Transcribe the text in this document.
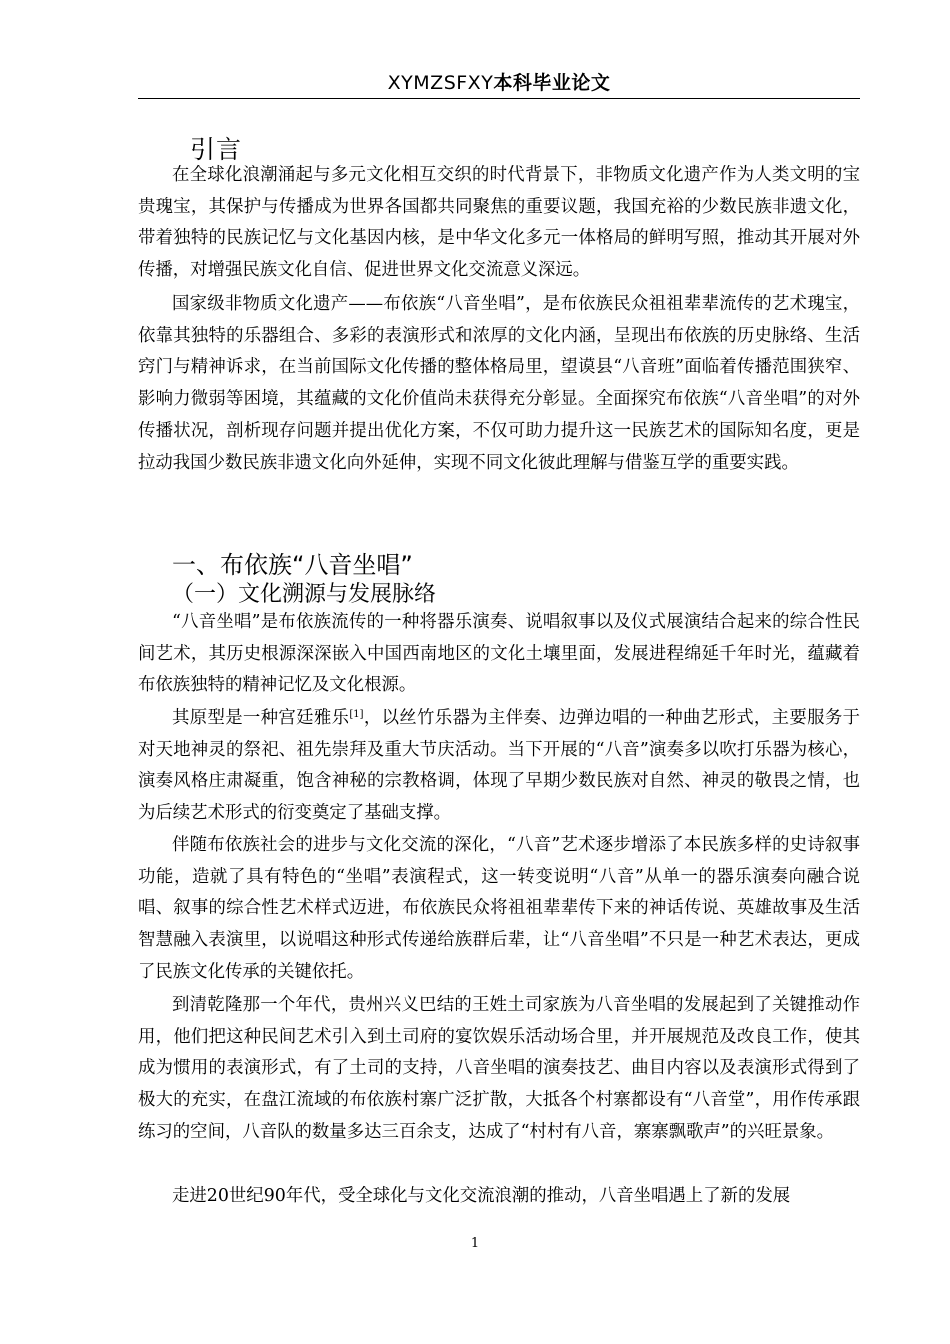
XYMZSFXY本科毕业论文
引言

在全球化浪潮涌起与多元文化相互交织的时代背景下，非物质文化遗产作为人类文明的宝贵瑰宝，其保护与传播成为世界各国都共同聚焦的重要议题，我国充裕的少数民族非遗文化，带着独特的民族记忆与文化基因内核，是中华文化多元一体格局的鲜明写照，推动其开展对外传播，对增强民族文化自信、促进世界文化交流意义深远。

国家级非物质文化遗产——布依族“八音坐唱”，是布依族民众祖祖辈辈流传的艺术瑰宝，依靠其独特的乐器组合、多彩的表演形式和浓厚的文化内涵，呈现出布依族的历史脉络、生活窍门与精神诉求，在当前国际文化传播的整体格局里，望谟县“八音班”面临着传播范围狭窄、影响力微弱等困境，其蕴藏的文化价值尚未获得充分彰显。全面探究布依族“八音坐唱”的对外传播状况，剖析现存问题并提出优化方案，不仅可助力提升这一民族艺术的国际知名度，更是拉动我国少数民族非遗文化向外延伸，实现不同文化彼此理解与借鉴互学的重要实践。

一、布依族“八音坐唱”
（一）文化溯源与发展脉络

“八音坐唱”是布依族流传的一种将器乐演奏、说唱叙事以及仪式展演结合起来的综合性民间艺术，其历史根源深深嵌入中国西南地区的文化土壤里面，发展进程绵延千年时光，蕴藏着布依族独特的精神记忆及文化根源。

其原型是一种宫廷雅乐[1]，以丝竹乐器为主伴奏、边弹边唱的一种曲艺形式，主要服务于对天地神灵的祭祀、祖先崇拜及重大节庆活动。当下开展的“八音”演奏多以吹打乐器为核心，演奏风格庄肃凝重，饱含神秘的宗教格调，体现了早期少数民族对自然、神灵的敬畏之情，也为后续艺术形式的衍变奠定了基础支撑。

伴随布依族社会的进步与文化交流的深化，“八音”艺术逐步增添了本民族多样的史诗叙事功能，造就了具有特色的“坐唱”表演程式，这一转变说明“八音”从单一的器乐演奏向融合说唱、叙事的综合性艺术样式迈进，布依族民众将祖祖辈辈传下来的神话传说、英雄故事及生活智慧融入表演里，以说唱这种形式传递给族群后辈，让“八音坐唱”不只是一种艺术表达，更成了民族文化传承的关键依托。

到清乾隆那一个年代，贵州兴义巴结的王姓土司家族为八音坐唱的发展起到了关键推动作用，他们把这种民间艺术引入到土司府的宴饮娱乐活动场合里，并开展规范及改良工作，使其成为惯用的表演形式，有了土司的支持，八音坐唱的演奏技艺、曲目内容以及表演形式得到了极大的充实，在盘江流域的布依族村寨广泛扩散，大抵各个村寨都设有“八音堂”，用作传承跟练习的空间，八音队的数量多达三百余支，达成了“村村有八音，寨寨飘歌声”的兴旺景象。

走进20世纪90年代，受全球化与文化交流浪潮的推动，八音坐唱遇上了新的发展

1
